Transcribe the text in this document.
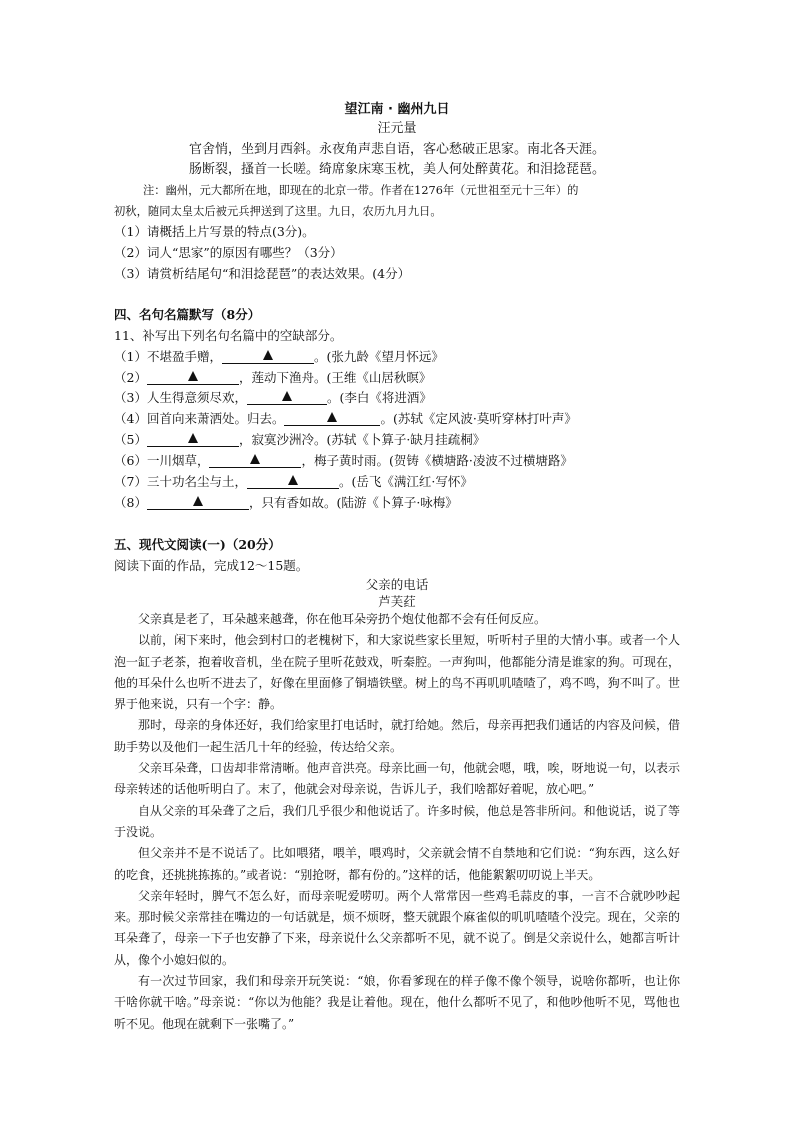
望江南 · 幽州九日
汪元量
官舍悄，坐到月西斜。永夜角声悲自语，客心愁破正思家。南北各天涯。
肠断裂，搔首一长嗟。绮席象床寒玉枕，美人何处醉黄花。和泪捻琵琶。
注：幽州，元大都所在地，即现在的北京一带。作者在1276年（元世祖至元十三年）的
初秋，随同太皇太后被元兵押送到了这里。九日，农历九月九日。
（1）请概括上片写景的特点(3分)。
（2）词人“思家”的原因有哪些？（3分）
（3）请赏析结尾句“和泪捻琵琶”的表达效果。(4分）
四、名句名篇默写（8分）
11、补写出下列名句名篇中的空缺部分。
（1）不堪盈手赠，	。(张九龄《望月怀远》
（2）	，莲动下渔舟。(王维《山居秋暝》
（3）人生得意须尽欢，	。(李白《将进酒》
（4）回首向来萧洒处。归去。	。(苏轼《定风波·莫听穿林打叶声》
（5）	，寂寞沙洲冷。(苏轼《卜算子·缺月挂疏桐》
（6）一川烟草，	，梅子黄时雨。(贺铸《横塘路·凌波不过横塘路》
（7）三十功名尘与土，	。(岳飞《满江红·写怀》
（8）	，只有香如故。(陆游《卜算子·咏梅》
五、现代文阅读(一)（20分）
阅读下面的作品，完成12～15题。
父亲的电话
芦芙荭

父亲真是老了，耳朵越来越聋，你在他耳朵旁扔个炮仗他都不会有任何反应。

以前，闲下来时，他会到村口的老槐树下，和大家说些家长里短，听听村子里的大情小事。或者一个人泡一缸子老茶，抱着收音机，坐在院子里听花鼓戏，听秦腔。一声狗叫，他都能分清是谁家的狗。可现在，他的耳朵什么也听不进去了，好像在里面修了铜墙铁壁。树上的鸟不再叽叽喳喳了，鸡不鸣，狗不叫了。世界于他来说，只有一个字：静。

那时，母亲的身体还好，我们给家里打电话时，就打给她。然后，母亲再把我们通话的内容及问候，借助手势以及他们一起生活几十年的经验，传达给父亲。

父亲耳朵聋，口齿却非常清晰。他声音洪亮。母亲比画一句，他就会嗯，哦，唉，呀地说一句，以表示母亲转述的话他听明白了。末了，他就会对母亲说，告诉儿子，我们啥都好着呢，放心吧。”

自从父亲的耳朵聋了之后，我们几乎很少和他说话了。许多时候，他总是答非所问。和他说话，说了等于没说。

但父亲并不是不说话了。比如喂猪，喂羊，喂鸡时，父亲就会情不自禁地和它们说：“狗东西，这么好的吃食，还挑挑拣拣的。”或者说：“别抢呀，都有份的。”这样的话，他能絮絮叨叨说上半天。

父亲年轻时，脾气不怎么好，而母亲呢爱唠叨。两个人常常因一些鸡毛蒜皮的事，一言不合就吵吵起来。那时候父亲常挂在嘴边的一句话就是，烦不烦呀，整天就跟个麻雀似的叽叽喳喳个没完。现在，父亲的耳朵聋了，母亲一下子也安静了下来，母亲说什么父亲都听不见，就不说了。倒是父亲说什么，她都言听计从，像个小媳妇似的。

有一次过节回家，我们和母亲开玩笑说：“娘，你看爹现在的样子像不像个领导，说啥你都听，也让你干啥你就干啥。”母亲说：“你以为他能？我是让着他。现在，他什么都听不见了，和他吵他听不见，骂他也听不见。他现在就剩下一张嘴了。”
